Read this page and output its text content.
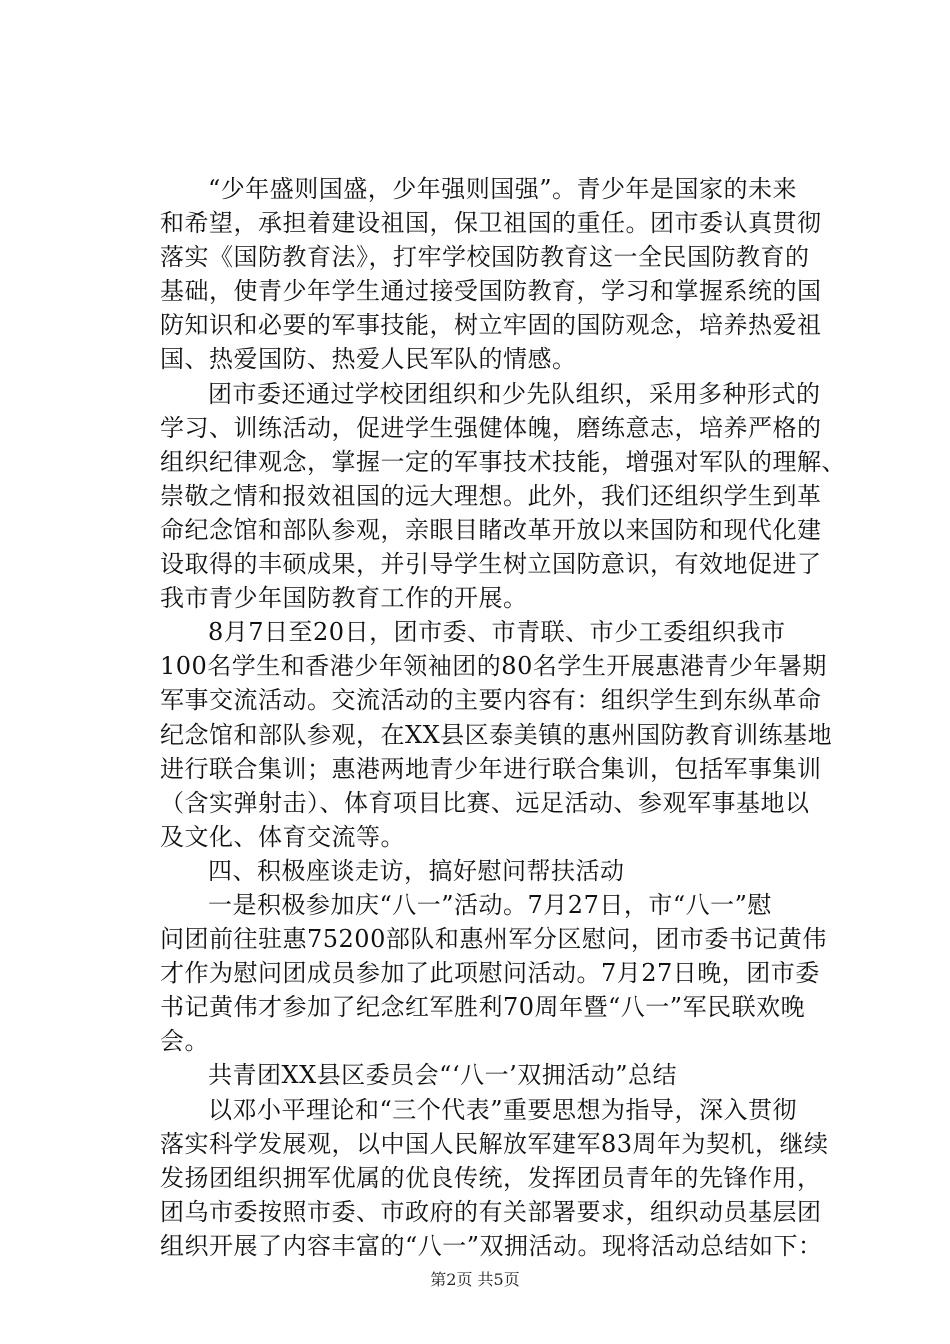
“少年盛则国盛，少年强则国强”。青少年是国家的未来
和希望，承担着建设祖国，保卫祖国的重任。团市委认真贯彻
落实《国防教育法》，打牢学校国防教育这一全民国防教育的
基础，使青少年学生通过接受国防教育，学习和掌握系统的国
防知识和必要的军事技能，树立牢固的国防观念，培养热爱祖
国、热爱国防、热爱人民军队的情感。
团市委还通过学校团组织和少先队组织，采用多种形式的
学习、训练活动，促进学生强健体魄，磨练意志，培养严格的
组织纪律观念，掌握一定的军事技术技能，增强对军队的理解、
崇敬之情和报效祖国的远大理想。此外，我们还组织学生到革
命纪念馆和部队参观，亲眼目睹改革开放以来国防和现代化建
设取得的丰硕成果，并引导学生树立国防意识，有效地促进了
我市青少年国防教育工作的开展。
8月7日至20日，团市委、市青联、市少工委组织我市
100名学生和香港少年领袖团的80名学生开展惠港青少年暑期
军事交流活动。交流活动的主要内容有：组织学生到东纵革命
纪念馆和部队参观，在XX县区泰美镇的惠州国防教育训练基地
进行联合集训；惠港两地青少年进行联合集训，包括军事集训
（含实弹射击）、体育项目比赛、远足活动、参观军事基地以
及文化、体育交流等。
四、积极座谈走访，搞好慰问帮扶活动
一是积极参加庆“八一”活动。7月27日，市“八一”慰
问团前往驻惠75200部队和惠州军分区慰问，团市委书记黄伟
才作为慰问团成员参加了此项慰问活动。7月27日晚，团市委
书记黄伟才参加了纪念红军胜利70周年暨“八一”军民联欢晚
会。
共青团XX县区委员会“‘八一’双拥活动”总结
以邓小平理论和“三个代表”重要思想为指导，深入贯彻
落实科学发展观，以中国人民解放军建军83周年为契机，继续
发扬团组织拥军优属的优良传统，发挥团员青年的先锋作用，
团乌市委按照市委、市政府的有关部署要求，组织动员基层团
组织开展了内容丰富的“八一”双拥活动。现将活动总结如下：
第2页 共5页
